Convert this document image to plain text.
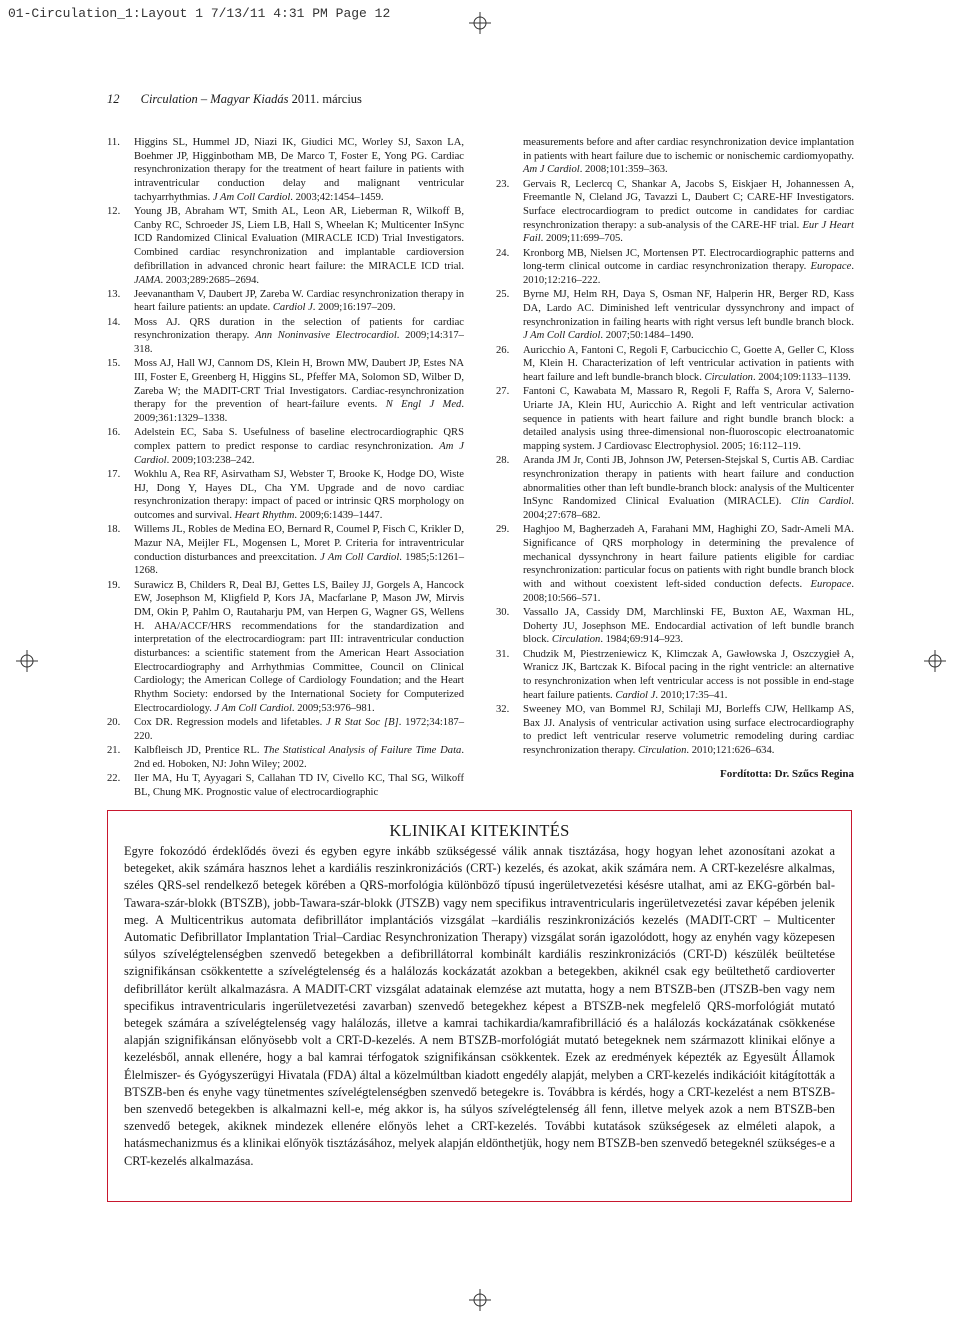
01-Circulation_1:Layout 1 7/13/11 4:31 PM Page 12
12 Circulation – Magyar Kiadás 2011. március
11. Higgins SL, Hummel JD, Niazi IK, Giudici MC, Worley SJ, Saxon LA, Boehmer JP, Higginbotham MB, De Marco T, Foster E, Yong PG. Cardiac resynchronization therapy for the treatment of heart failure in patients with intraventricular conduction delay and malignant ventricular tachyarrhythmias. J Am Coll Cardiol. 2003;42:1454–1459.
12. Young JB, Abraham WT, Smith AL, Leon AR, Lieberman R, Wilkoff B, Canby RC, Schroeder JS, Liem LB, Hall S, Wheelan K; Multicenter InSync ICD Randomized Clinical Evaluation (MIRACLE ICD) Trial Investigators. Combined cardiac resynchronization and implantable cardioversion defibrillation in advanced chronic heart failure: the MIRACLE ICD trial. JAMA. 2003;289:2685–2694.
13. Jeevanantham V, Daubert JP, Zareba W. Cardiac resynchronization therapy in heart failure patients: an update. Cardiol J. 2009;16:197–209.
14. Moss AJ. QRS duration in the selection of patients for cardiac resynchronization therapy. Ann Noninvasive Electrocardiol. 2009;14:317–318.
15. Moss AJ, Hall WJ, Cannom DS, Klein H, Brown MW, Daubert JP, Estes NA III, Foster E, Greenberg H, Higgins SL, Pfeffer MA, Solomon SD, Wilber D, Zareba W; the MADIT-CRT Trial Investigators. Cardiac-resynchronization therapy for the prevention of heart-failure events. N Engl J Med. 2009;361:1329–1338.
16. Adelstein EC, Saba S. Usefulness of baseline electrocardiographic QRS complex pattern to predict response to cardiac resynchronization. Am J Cardiol. 2009;103:238–242.
17. Wokhlu A, Rea RF, Asirvatham SJ, Webster T, Brooke K, Hodge DO, Wiste HJ, Dong Y, Hayes DL, Cha YM. Upgrade and de novo cardiac resynchronization therapy: impact of paced or intrinsic QRS morphology on outcomes and survival. Heart Rhythm. 2009;6:1439–1447.
18. Willems JL, Robles de Medina EO, Bernard R, Coumel P, Fisch C, Krikler D, Mazur NA, Meijler FL, Mogensen L, Moret P. Criteria for intraventricular conduction disturbances and preexcitation. J Am Coll Cardiol. 1985;5:1261–1268.
19. Surawicz B, Childers R, Deal BJ, Gettes LS, Bailey JJ, Gorgels A, Hancock EW, Josephson M, Kligfield P, Kors JA, Macfarlane P, Mason JW, Mirvis DM, Okin P, Pahlm O, Rautaharju PM, van Herpen G, Wagner GS, Wellens H. AHA/ACCF/HRS recommendations for the standardization and interpretation of the electrocardiogram: part III: intraventricular conduction disturbances: a scientific statement from the American Heart Association Electrocardiography and Arrhythmias Committee, Council on Clinical Cardiology; the American College of Cardiology Foundation; and the Heart Rhythm Society: endorsed by the International Society for Computerized Electrocardiology. J Am Coll Cardiol. 2009;53:976–981.
20. Cox DR. Regression models and lifetables. J R Stat Soc [B]. 1972;34:187–220.
21. Kalbfleisch JD, Prentice RL. The Statistical Analysis of Failure Time Data. 2nd ed. Hoboken, NJ: John Wiley; 2002.
22. Iler MA, Hu T, Ayyagari S, Callahan TD IV, Civello KC, Thal SG, Wilkoff BL, Chung MK. Prognostic value of electrocardiographic
measurements before and after cardiac resynchronization device implantation in patients with heart failure due to ischemic or nonischemic cardiomyopathy. Am J Cardiol. 2008;101:359–363.
23. Gervais R, Leclercq C, Shankar A, Jacobs S, Eiskjaer H, Johannessen A, Freemantle N, Cleland JG, Tavazzi L, Daubert C; CARE-HF Investigators. Surface electrocardiogram to predict outcome in candidates for cardiac resynchronization therapy: a sub-analysis of the CARE-HF trial. Eur J Heart Fail. 2009;11:699–705.
24. Kronborg MB, Nielsen JC, Mortensen PT. Electrocardiographic patterns and long-term clinical outcome in cardiac resynchronization therapy. Europace. 2010;12:216–222.
25. Byrne MJ, Helm RH, Daya S, Osman NF, Halperin HR, Berger RD, Kass DA, Lardo AC. Diminished left ventricular dyssynchrony and impact of resynchronization in failing hearts with right versus left bundle branch block. J Am Coll Cardiol. 2007;50:1484–1490.
26. Auricchio A, Fantoni C, Regoli F, Carbucicchio C, Goette A, Geller C, Kloss M, Klein H. Characterization of left ventricular activation in patients with heart failure and left bundle-branch block. Circulation. 2004;109:1133–1139.
27. Fantoni C, Kawabata M, Massaro R, Regoli F, Raffa S, Arora V, Salerno-Uriarte JA, Klein HU, Auricchio A. Right and left ventricular activation sequence in patients with heart failure and right bundle branch block: a detailed analysis using three-dimensional non-fluoroscopic electroanatomic mapping system. J Cardiovasc Electrophysiol. 2005; 16:112–119.
28. Aranda JM Jr, Conti JB, Johnson JW, Petersen-Stejskal S, Curtis AB. Cardiac resynchronization therapy in patients with heart failure and conduction abnormalities other than left bundle-branch block: analysis of the Multicenter InSync Randomized Clinical Evaluation (MIRACLE). Clin Cardiol. 2004;27:678–682.
29. Haghjoo M, Bagherzadeh A, Farahani MM, Haghighi ZO, Sadr-Ameli MA. Significance of QRS morphology in determining the prevalence of mechanical dyssynchrony in heart failure patients eligible for cardiac resynchronization: particular focus on patients with right bundle branch block with and without coexistent left-sided conduction defects. Europace. 2008;10:566–571.
30. Vassallo JA, Cassidy DM, Marchlinski FE, Buxton AE, Waxman HL, Doherty JU, Josephson ME. Endocardial activation of left bundle branch block. Circulation. 1984;69:914–923.
31. Chudzik M, Piestrzeniewicz K, Klimczak A, Gawłowska J, Oszczygieł A, Wranicz JK, Bartczak K. Bifocal pacing in the right ventricle: an alternative to resynchronization when left ventricular access is not possible in end-stage heart failure patients. Cardiol J. 2010;17:35–41.
32. Sweeney MO, van Bommel RJ, Schilaji MJ, Borleffs CJW, Hellkamp AS, Bax JJ. Analysis of ventricular activation using surface electrocardiography to predict left ventricular reserve volumetric remodeling during cardiac resynchronization therapy. Circulation. 2010;121:626–634.
Fordította: Dr. Szűcs Regina
KLINIKAI KITEKINTÉS

Egyre fokozódó érdeklődés övezi és egyben egyre inkább szükségessé válik annak tisztázása, hogy hogyan lehet azonosítani azokat a betegeket, akik számára hasznos lehet a kardiális reszinkronizációs (CRT-) kezelés, és azokat, akik számára nem. A CRT-kezelésre alkalmas, széles QRS-sel rendelkező betegek körében a QRS-morfológia különböző típusú ingerületvezetési késésre utalhat, ami az EKG-görbén bal-Tawara-szár-blokk (BTSZB), jobb-Tawara-szár-blokk (JTSZB) vagy nem specifikus intraventricularis ingerületvezetési zavar képében jelenik meg. A Multicentrikus automata defibrillátor implantációs vizsgálat –kardiális reszinkronizációs kezelés (MADIT-CRT – Multicenter Automatic Defibrillator Implantation Trial–Cardiac Resynchronization Therapy) vizsgálat során igazolódott, hogy az enyhén vagy közepesen súlyos szívelégtelenségben szenvedő betegekben a defibrillátorral kombinált kardiális reszinkronizációs (CRT-D) készülék beültetése szignifikánsan csökkentette a szívelégtelenség és a halálozás kockázatát azokban a betegekben, akiknél csak egy beültethető cardioverter defibrillátor került alkalmazásra. A MADIT-CRT vizsgálat adatainak elemzése azt mutatta, hogy a nem BTSZB-ben (JTSZB-ben vagy nem specifikus intraventricularis ingerületvezetési zavarban) szenvedő betegekhez képest a BTSZB-nek megfelelő QRS-morfológiát mutató betegek számára a szívelégtelenség vagy halálozás, illetve a kamrai tachikardia/kamrafibrilláció és a halálozás kockázatának csökkenése alapján szignifikánsan előnyösebb volt a CRT-D-kezelés. A nem BTSZB-morfológiát mutató betegeknek nem származott klinikai előnye a kezelésből, annak ellenére, hogy a bal kamrai térfogatok szignifikánsan csökkentek. Ezek az eredmények képezték az Egyesült Államok Élelmiszer- és Gyógyszerügyi Hivatala (FDA) által a közelmúltban kiadott engedély alapját, melyben a CRT-kezelés indikációit kitágították a BTSZB-ben és enyhe vagy tünetmentes szívelégtelenségben szenvedő betegekre is. Továbbra is kérdés, hogy a CRT-kezelést a nem BTSZB-ben szenvedő betegekben is alkalmazni kell-e, még akkor is, ha súlyos szívelégtelenség áll fenn, illetve melyek azok a nem BTSZB-ben szenvedő betegek, akiknek mindezek ellenére előnyös lehet a CRT-kezelés. További kutatások szükségesek az elméleti alapok, a hatásmechanizmus és a klinikai előnyök tisztázásához, melyek alapján eldönthetjük, hogy nem BTSZB-ben szenvedő betegeknél szükséges-e a CRT-kezelés alkalmazása.
